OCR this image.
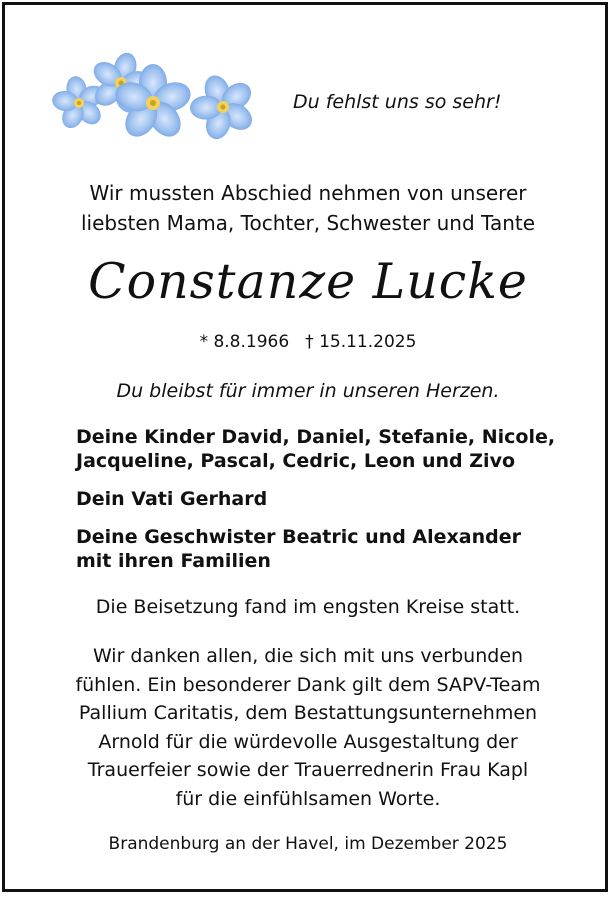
Du fehlst uns so sehr!
Wir mussten Abschied nehmen von unserer
liebsten Mama, Tochter, Schwester und Tante
Constanze Lucke
* 8.8.1966 † 15.11.2025
Du bleibst für immer in unseren Herzen.
Deine Kinder David, Daniel, Stefanie, Nicole,
Jacqueline, Pascal, Cedric, Leon und Zivo
Dein Vati Gerhard
Deine Geschwister Beatric und Alexander
mit ihren Familien
Die Beisetzung fand im engsten Kreise statt.
Wir danken allen, die sich mit uns verbunden
fühlen. Ein besonderer Dank gilt dem SAPV-Team
Pallium Caritatis, dem Bestattungsunternehmen
Arnold für die würdevolle Ausgestaltung der
Trauerfeier sowie der Trauerrednerin Frau Kapl
für die einfühlsamen Worte.
Brandenburg an der Havel, im Dezember 2025
